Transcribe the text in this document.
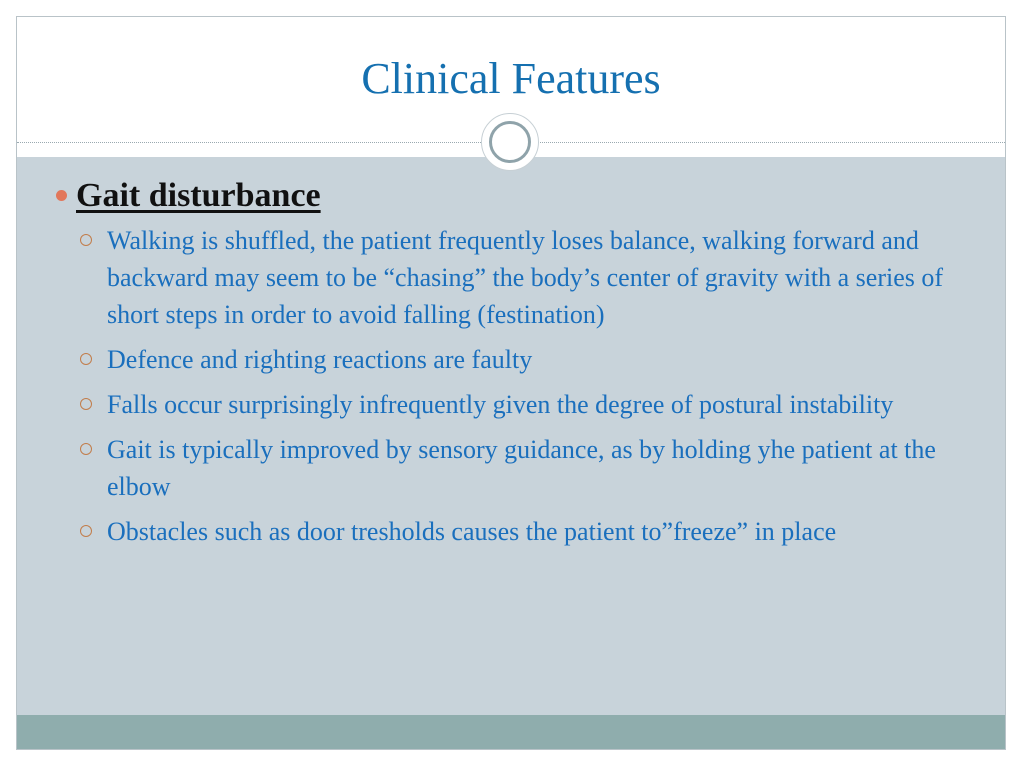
Clinical Features
Gait disturbance
Walking is shuffled, the patient frequently loses balance, walking forward and backward may seem to be “chasing” the body’s center of gravity with a series of short steps in order to avoid falling (festination)
Defence and righting reactions are faulty
Falls occur surprisingly infrequently given the degree of postural instability
Gait is typically improved by sensory guidance, as by holding yhe patient at the elbow
Obstacles such as door tresholds causes the patient to”freeze” in place
